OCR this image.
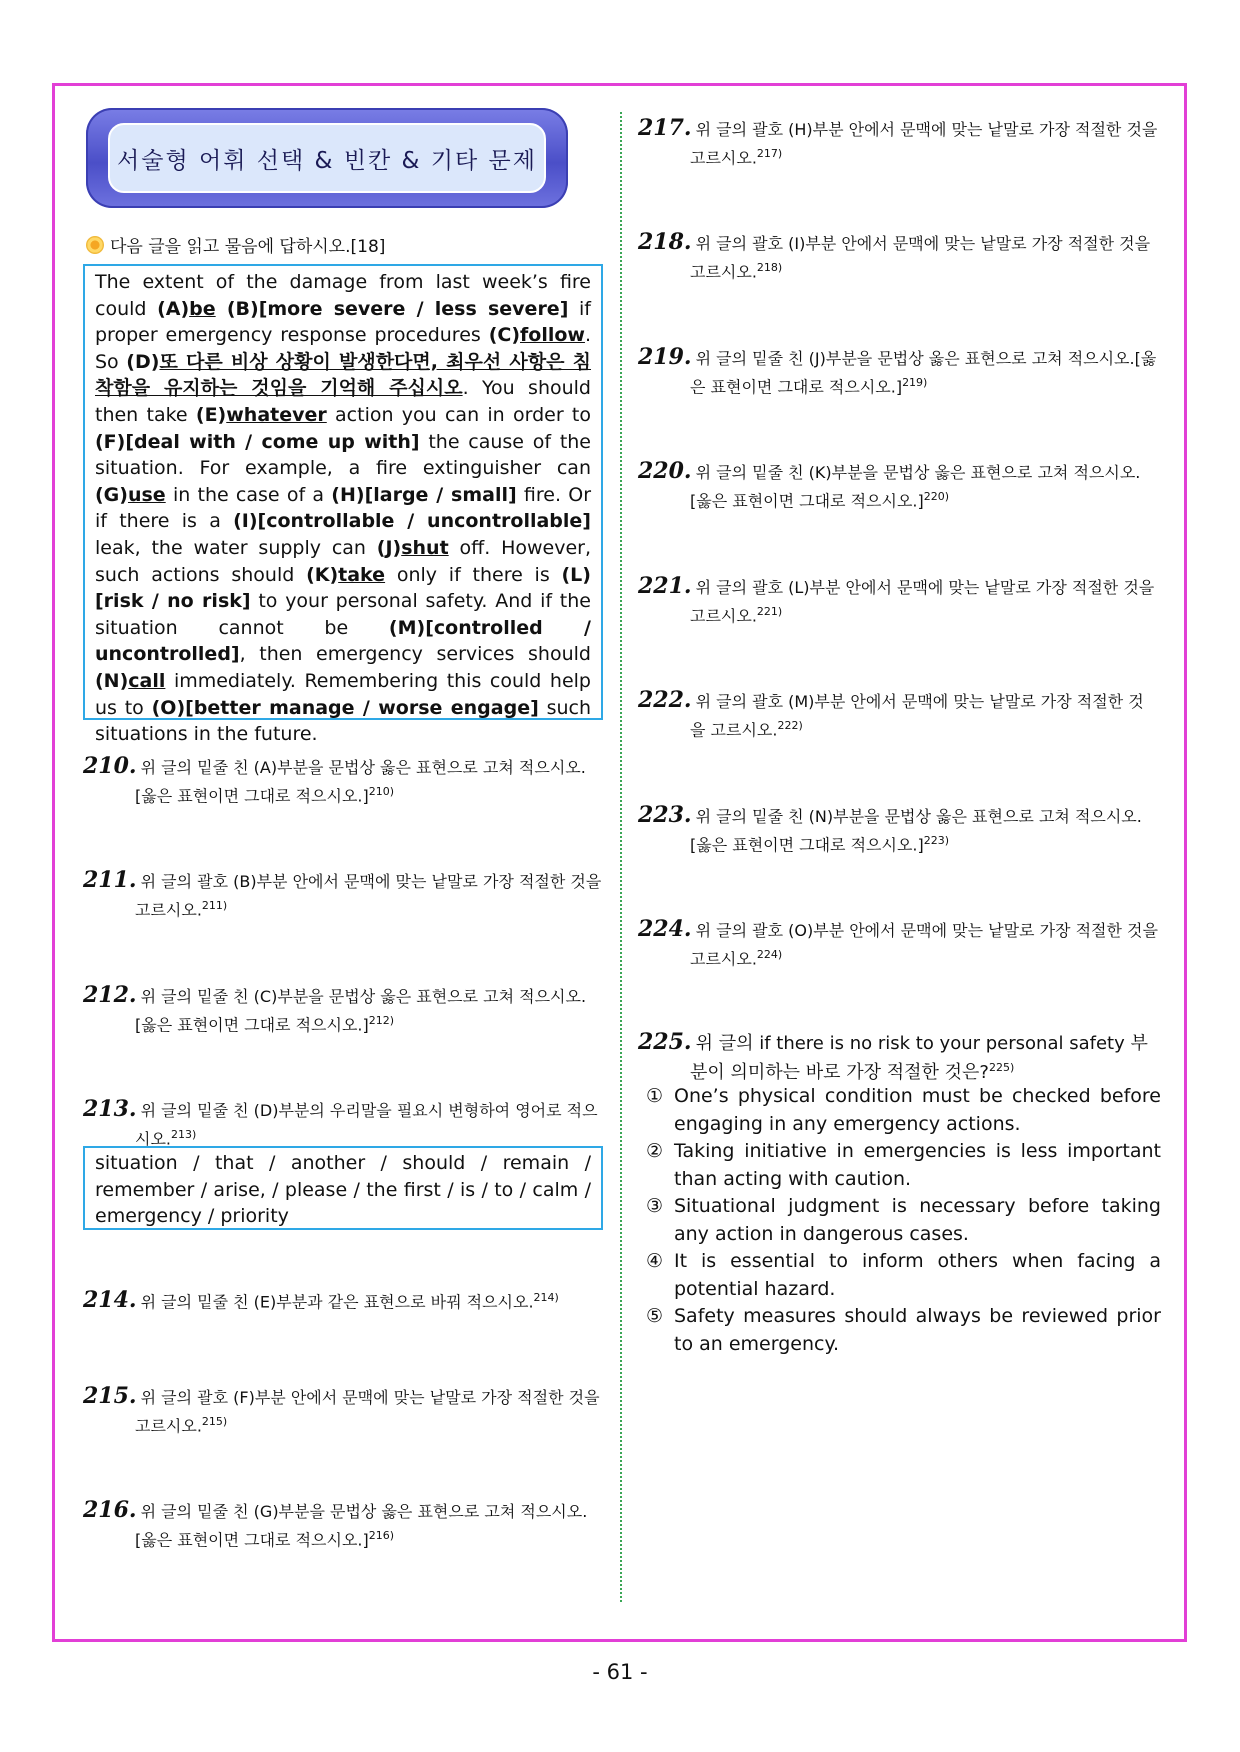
서술형 어휘 선택 & 빈칸 & 기타 문제
다음 글을 읽고 물음에 답하시오.[18]
The extent of the damage from last week’s fire could (A)be (B)[more severe / less severe] if proper emergency response procedures (C)follow. So (D)또 다른 비상 상황이 발생한다면, 최우선 사항은 침착함을 유지하는 것임을 기억해 주십시오. You should then take (E)whatever action you can in order to (F)[deal with / come up with] the cause of the situation. For example, a fire extinguisher can (G)use in the case of a (H)[large / small] fire. Or if there is a (I)[controllable / uncontrollable] leak, the water supply can (J)shut off. However, such actions should (K)take only if there is (L)[risk / no risk] to your personal safety. And if the situation cannot be (M)[controlled / uncontrolled], then emergency services should (N)call immediately. Remembering this could help us to (O)[better manage / worse engage] such situations in the future.
210. 위 글의 밑줄 친 (A)부분을 문법상 옳은 표현으로 고쳐 적으시오. [옳은 표현이면 그대로 적으시오.]$^{210)}$
211. 위 글의 괄호 (B)부분 안에서 문맥에 맞는 낱말로 가장 적절한 것을 고르시오.$^{211)}$
212. 위 글의 밑줄 친 (C)부분을 문법상 옳은 표현으로 고쳐 적으시오. [옳은 표현이면 그대로 적으시오.]$^{212)}$
213. 위 글의 밑줄 친 (D)부분의 우리말을 필요시 변형하여 영어로 적으시오.$^{213)}$
situation / that / another / should / remain / remember / arise, / please / the first / is / to / calm / emergency / priority
214. 위 글의 밑줄 친 (E)부분과 같은 표현으로 바꿔 적으시오.$^{214)}$
215. 위 글의 괄호 (F)부분 안에서 문맥에 맞는 낱말로 가장 적절한 것을 고르시오.$^{215)}$
216. 위 글의 밑줄 친 (G)부분을 문법상 옳은 표현으로 고쳐 적으시오. [옳은 표현이면 그대로 적으시오.]$^{216)}$
217. 위 글의 괄호 (H)부분 안에서 문맥에 맞는 낱말로 가장 적절한 것을 고르시오.$^{217)}$
218. 위 글의 괄호 (I)부분 안에서 문맥에 맞는 낱말로 가장 적절한 것을 고르시오.$^{218)}$
219. 위 글의 밑줄 친 (J)부분을 문법상 옳은 표현으로 고쳐 적으시오.[옳은 표현이면 그대로 적으시오.]$^{219)}$
220. 위 글의 밑줄 친 (K)부분을 문법상 옳은 표현으로 고쳐 적으시오. [옳은 표현이면 그대로 적으시오.]$^{220)}$
221. 위 글의 괄호 (L)부분 안에서 문맥에 맞는 낱말로 가장 적절한 것을 고르시오.$^{221)}$
222. 위 글의 괄호 (M)부분 안에서 문맥에 맞는 낱말로 가장 적절한 것을 고르시오.$^{222)}$
223. 위 글의 밑줄 친 (N)부분을 문법상 옳은 표현으로 고쳐 적으시오. [옳은 표현이면 그대로 적으시오.]$^{223)}$
224. 위 글의 괄호 (O)부분 안에서 문맥에 맞는 낱말로 가장 적절한 것을 고르시오.$^{224)}$
225. 위 글의 if there is no risk to your personal safety 부분이 의미하는 바로 가장 적절한 것은?$^{225)}$
① One’s physical condition must be checked before engaging in any emergency actions.
② Taking initiative in emergencies is less important than acting with caution.
③ Situational judgment is necessary before taking any action in dangerous cases.
④ It is essential to inform others when facing a potential hazard.
⑤ Safety measures should always be reviewed prior to an emergency.
- 61 -
